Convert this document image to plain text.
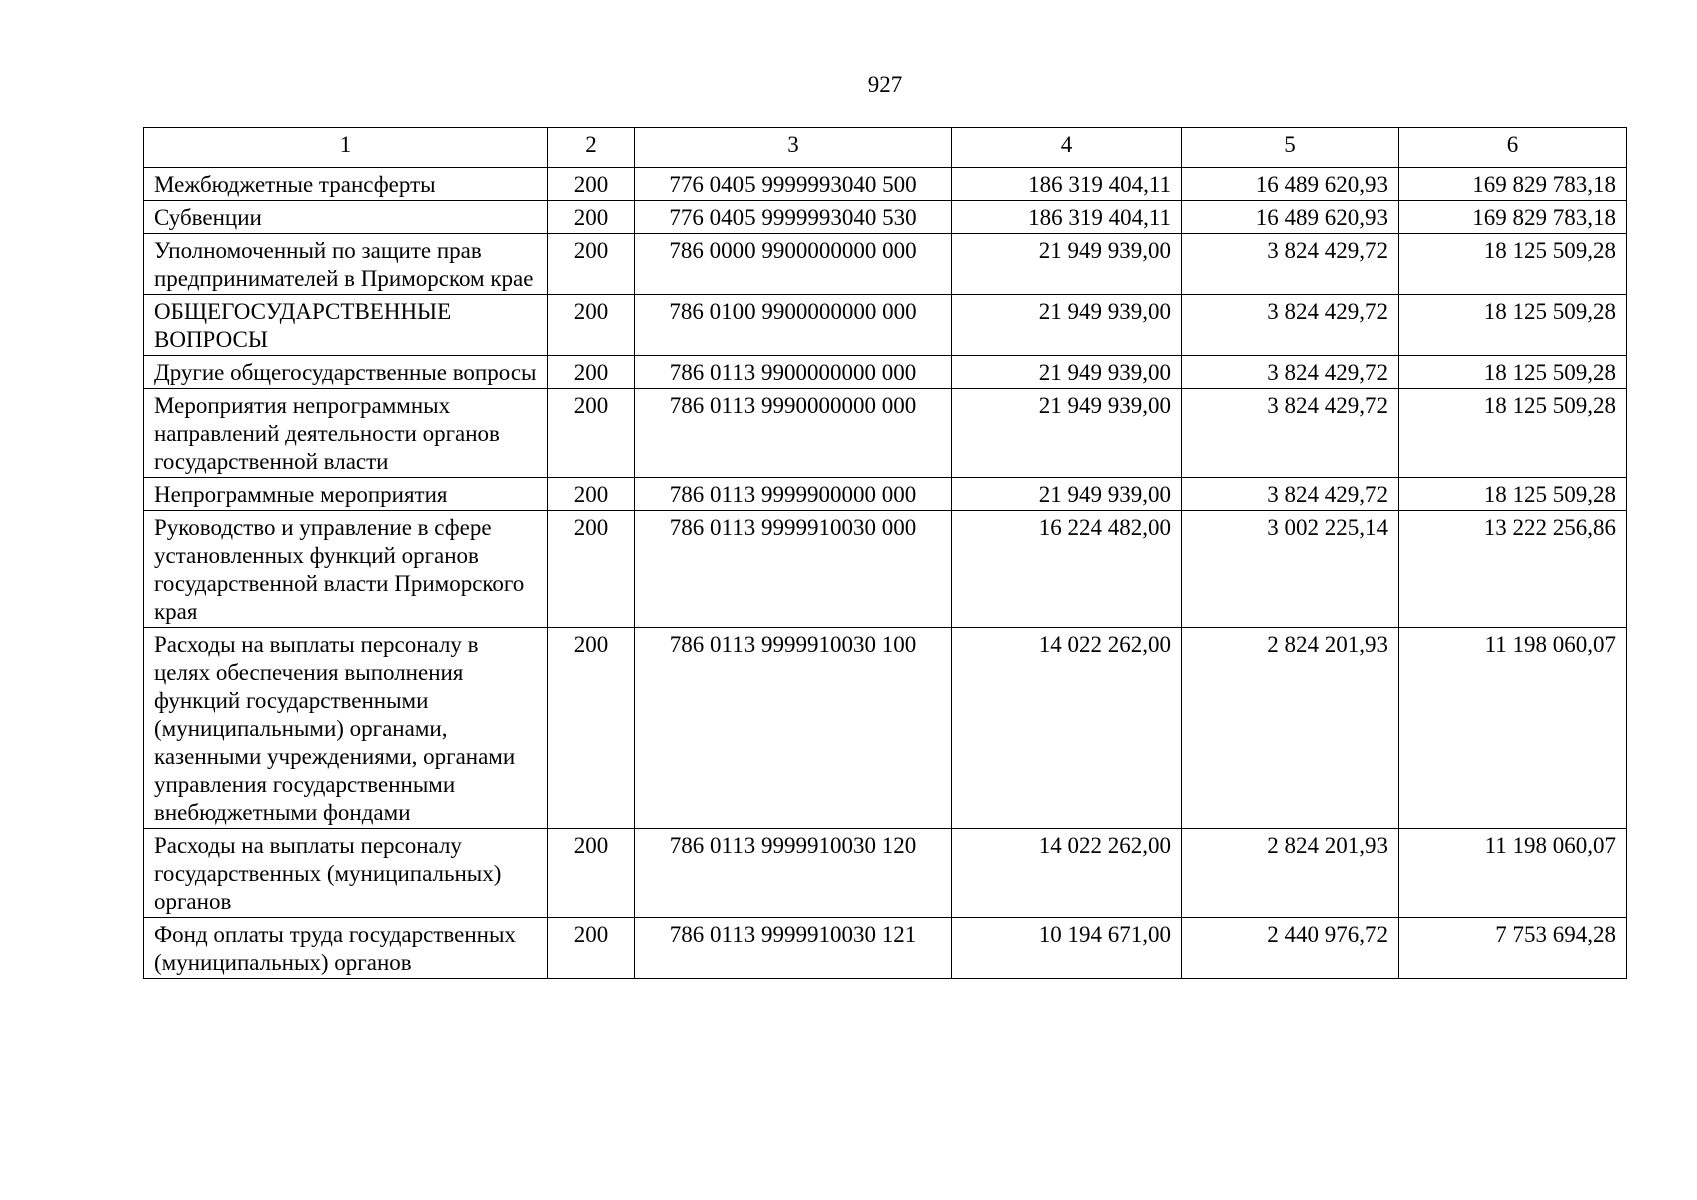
927
1	2	3	4	5	6
Межбюджетные трансферты	200	776 0405 9999993040 500	186 319 404,11	16 489 620,93	169 829 783,18
Субвенции	200	776 0405 9999993040 530	186 319 404,11	16 489 620,93	169 829 783,18
Уполномоченный по защите прав предпринимателей в Приморском крае	200	786 0000 9900000000 000	21 949 939,00	3 824 429,72	18 125 509,28
ОБЩЕГОСУДАРСТВЕННЫЕ ВОПРОСЫ	200	786 0100 9900000000 000	21 949 939,00	3 824 429,72	18 125 509,28
Другие общегосударственные вопросы	200	786 0113 9900000000 000	21 949 939,00	3 824 429,72	18 125 509,28
Мероприятия непрограммных направлений деятельности органов государственной власти	200	786 0113 9990000000 000	21 949 939,00	3 824 429,72	18 125 509,28
Непрограммные мероприятия	200	786 0113 9999900000 000	21 949 939,00	3 824 429,72	18 125 509,28
Руководство и управление в сфере установленных функций органов государственной власти Приморского края	200	786 0113 9999910030 000	16 224 482,00	3 002 225,14	13 222 256,86
Расходы на выплаты персоналу в целях обеспечения выполнения функций государственными (муниципальными) органами, казенными учреждениями, органами управления государственными внебюджетными фондами	200	786 0113 9999910030 100	14 022 262,00	2 824 201,93	11 198 060,07
Расходы на выплаты персоналу государственных (муниципальных) органов	200	786 0113 9999910030 120	14 022 262,00	2 824 201,93	11 198 060,07
Фонд оплаты труда государственных (муниципальных) органов	200	786 0113 9999910030 121	10 194 671,00	2 440 976,72	7 753 694,28
